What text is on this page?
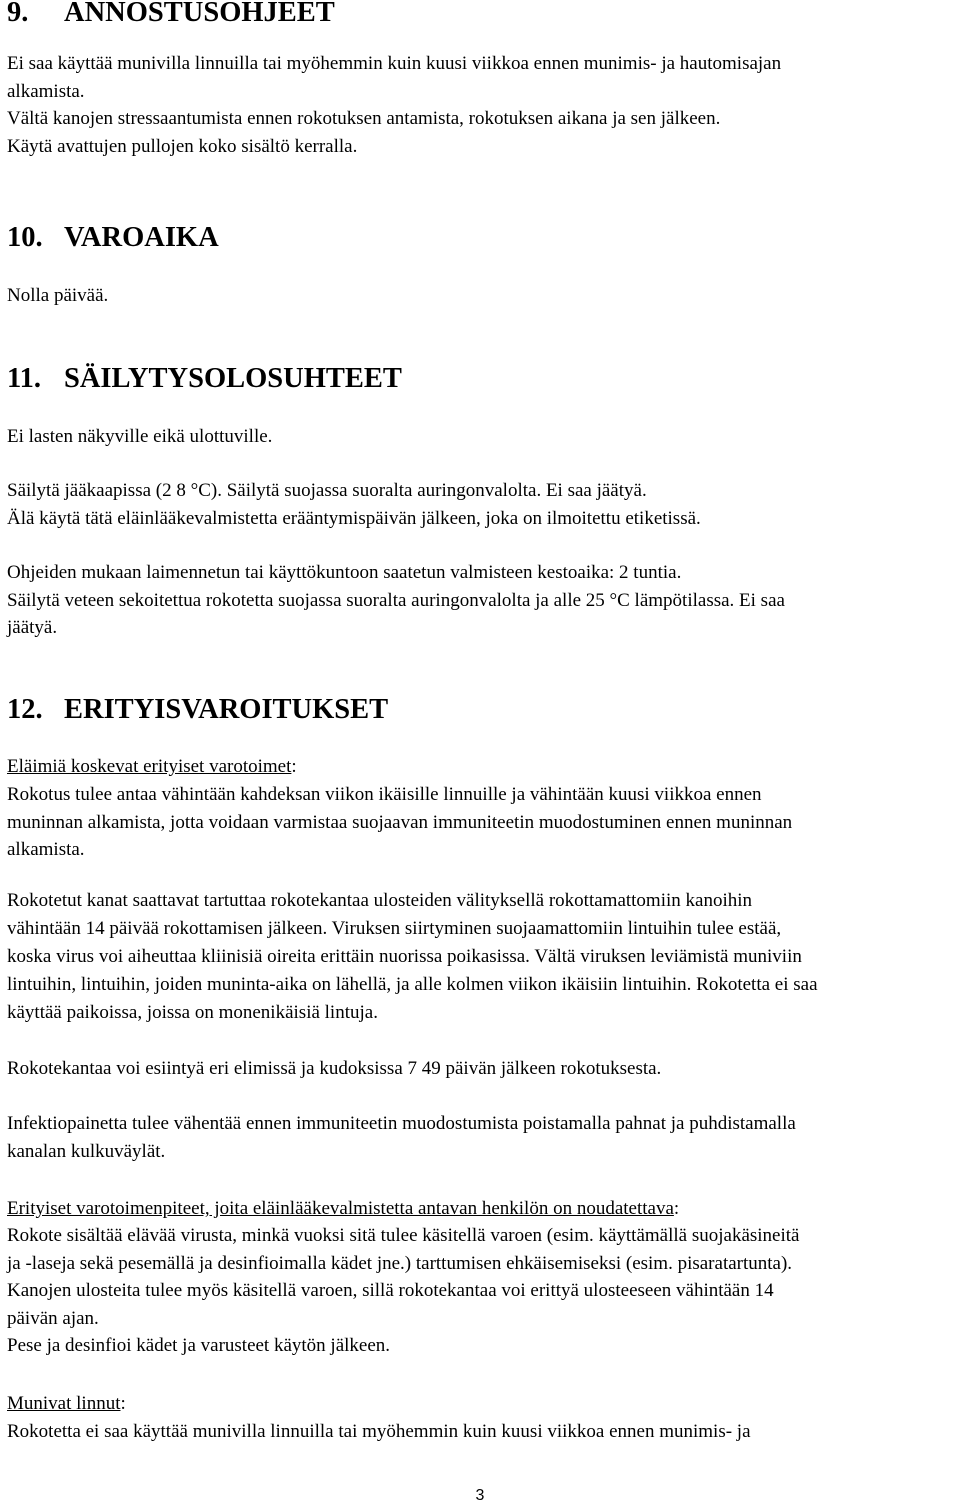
9. ANNOSTUSOHJEET

Ei saa käyttää munivilla linnuilla tai myöhemmin kuin kuusi viikkoa ennen munimis- ja hautomisajan
alkamista.
Vältä kanojen stressaantumista ennen rokotuksen antamista, rokotuksen aikana ja sen jälkeen.
Käytä avattujen pullojen koko sisältö kerralla.

10. VAROAIKA

Nolla päivää.

11. SÄILYTYSOLOSUHTEET

Ei lasten näkyville eikä ulottuville.

Säilytä jääkaapissa (2 8 °C). Säilytä suojassa suoralta auringonvalolta. Ei saa jäätyä.
Älä käytä tätä eläinlääkevalmistetta erääntymispäivän jälkeen, joka on ilmoitettu etiketissä.

Ohjeiden mukaan laimennetun tai käyttökuntoon saatetun valmisteen kestoaika: 2 tuntia.
Säilytä veteen sekoitettua rokotetta suojassa suoralta auringonvalolta ja alle 25 °C lämpötilassa. Ei saa
jäätyä.

12. ERITYISVAROITUKSET

Eläimiä koskevat erityiset varotoimet:

Rokotus tulee antaa vähintään kahdeksan viikon ikäisille linnuille ja vähintään kuusi viikkoa ennen
muninnan alkamista, jotta voidaan varmistaa suojaavan immuniteetin muodostuminen ennen muninnan
alkamista.

Rokotetut kanat saattavat tartuttaa rokotekantaa ulosteiden välityksellä rokottamattomiin kanoihin
vähintään 14 päivää rokottamisen jälkeen. Viruksen siirtyminen suojaamattomiin lintuihin tulee estää,
koska virus voi aiheuttaa kliinisiä oireita erittäin nuorissa poikasissa. Vältä viruksen leviämistä muniviin
lintuihin, lintuihin, joiden muninta-aika on lähellä, ja alle kolmen viikon ikäisiin lintuihin. Rokotetta ei saa
käyttää paikoissa, joissa on monenikäisiä lintuja.

Rokotekantaa voi esiintyä eri elimissä ja kudoksissa 7 49 päivän jälkeen rokotuksesta.

Infektiopainetta tulee vähentää ennen immuniteetin muodostumista poistamalla pahnat ja puhdistamalla
kanalan kulkuväylät.

Erityiset varotoimenpiteet, joita eläinlääkevalmistetta antavan henkilön on noudatettava:

Rokote sisältää elävää virusta, minkä vuoksi sitä tulee käsitellä varoen (esim. käyttämällä suojakäsineitä
ja -laseja sekä pesemällä ja desinfioimalla kädet jne.) tarttumisen ehkäisemiseksi (esim. pisaratartunta).
Kanojen ulosteita tulee myös käsitellä varoen, sillä rokotekantaa voi erittyä ulosteeseen vähintään 14
päivän ajan.
Pese ja desinfioi kädet ja varusteet käytön jälkeen.

Munivat linnut:

Rokotetta ei saa käyttää munivilla linnuilla tai myöhemmin kuin kuusi viikkoa ennen munimis- ja

3
